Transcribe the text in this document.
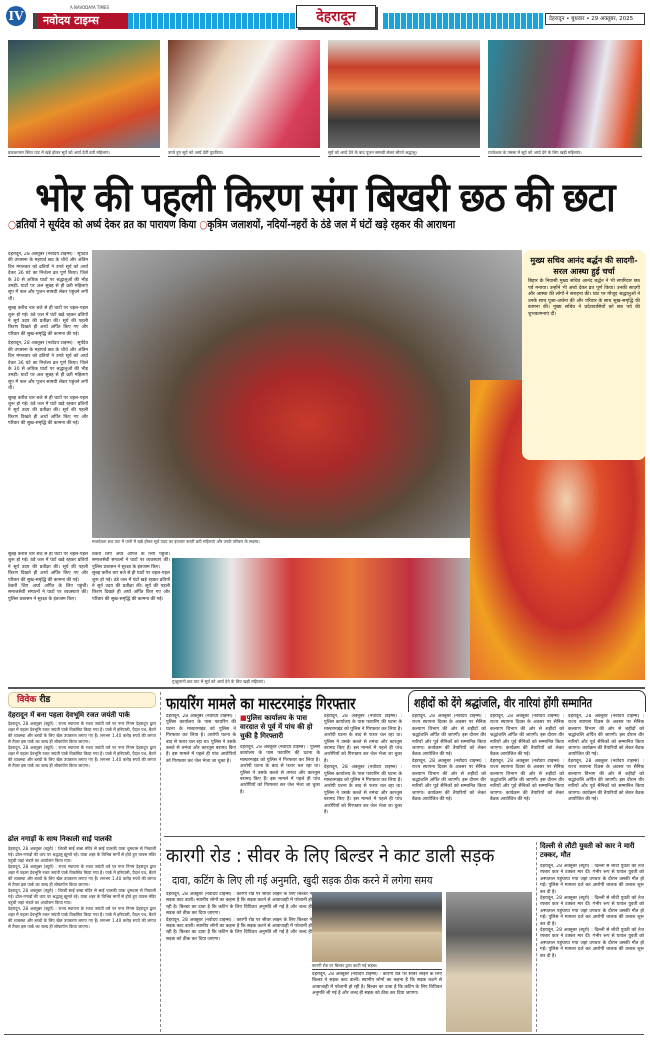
IV
A NAVODAYA TIMES
नवोदय टाइम्स	देहरादून	देहरादून • बुधवार • 29 अक्तूबर, 2025
प्रकाशनगर स्थित घाट में खड़े होकर सूर्य को अर्घ्य देतीं व्रती महिलाएं।	उगते हुए सूर्य को अर्घ्य देतीं युवतियां।	सूर्य को अर्घ्य देने के बाद पूजन सामग्री लेकर लौटते श्रद्धालु।	टपकेश्वर के तमसा में सूर्य को अर्घ्य देने के लिए खड़ी महिलाएं।
भोर की पहली किरण संग बिखरी छठ की छटा
○व्रतियों ने सूर्यदेव को अर्घ्य देकर व्रत का पारायण किया ○कृत्रिम जलाशयों, नदियों-नहरों के ठंडे जल में घंटों खड़े रहकर की आराधना

देहरादून, 28 अक्तूबर (नवोदय टाइम्स) : सूर्यदेव की उपासना के महापर्व छठ के चौथे और अंतिम दिन मंगलवार को व्रतियों ने उगते सूर्य को अर्घ्य देकर 36 घंटे का निर्जला व्रत पूर्ण किया। जिले के 30 से अधिक घाटों पर श्रद्धालुओं की भीड़ उमड़ी। घाटों पर अल सुबह से ही व्रती महिलाएं सूप में फल और पूजन सामग्री लेकर पहुंचने लगी थीं।

सुबह करीब चार बजे से ही घाटों पर चहल-पहल शुरू हो गई। ठंडे जल में घंटों खड़े रहकर व्रतियों ने सूर्य उदय की प्रतीक्षा की। सूर्य की पहली किरण दिखते ही अर्घ्य अर्पित किए गए और परिवार की सुख-समृद्धि की कामना की गई।

देहरादून, 28 अक्तूबर (नवोदय टाइम्स) : सूर्यदेव की उपासना के महापर्व छठ के चौथे और अंतिम दिन मंगलवार को व्रतियों ने उगते सूर्य को अर्घ्य देकर 36 घंटे का निर्जला व्रत पूर्ण किया। जिले के 30 से अधिक घाटों पर श्रद्धालुओं की भीड़ उमड़ी। घाटों पर अल सुबह से ही व्रती महिलाएं सूप में फल और पूजन सामग्री लेकर पहुंचने लगी थीं।

सुबह करीब चार बजे से ही घाटों पर चहल-पहल शुरू हो गई। ठंडे जल में घंटों खड़े रहकर व्रतियों ने सूर्य उदय की प्रतीक्षा की। सूर्य की पहली किरण दिखते ही अर्घ्य अर्पित किए गए और परिवार की सुख-समृद्धि की कामना की गई।

मुख्य सचिव आनंद बर्द्धन की सादगी-सरल आस्था हुई चर्चा

बिहार के निवासी मुख्य सचिव आनंद बर्द्धन ने भी सपरिवार छठ पर्व मनाया। उन्होंने भी अर्घ्य देकर व्रत पूर्ण किया। उनकी सादगी और आस्था की लोगों ने सराहना की। घाट पर मौजूद श्रद्धालुओं ने उनके साथ पूजा-अर्चना की और परिवार के साथ सुख-समृद्धि की कामना की। मुख्य सचिव ने प्रदेशवासियों को छठ पर्व की शुभकामनाएं दीं।

मालदेवता छठ घाट में पानी में खड़े होकर सूर्य उदय का इंतजार करती व्रती महिलाएं और उनके परिवार के सदस्य।

सुबह करीब चार बजे से ही घाटों पर चहल-पहल शुरू हो गई। ठंडे जल में घंटों खड़े रहकर व्रतियों ने सूर्य उदय की प्रतीक्षा की। सूर्य की पहली किरण दिखते ही अर्घ्य अर्पित किए गए और परिवार की सुख-समृद्धि की कामना की गई।

ठेकरी लिए अर्घ्य अर्पित के लिए पहुंचीं। समाजसेवी संगठनों ने घाटों पर व्यवस्थाएं कीं। पुलिस प्रशासन ने सुरक्षा के इंतजाम किए।

ठेकरी लिए अर्घ्य अर्पित के लिए पहुंचीं। समाजसेवी संगठनों ने घाटों पर व्यवस्थाएं कीं। पुलिस प्रशासन ने सुरक्षा के इंतजाम किए।

सुबह करीब चार बजे से ही घाटों पर चहल-पहल शुरू हो गई। ठंडे जल में घंटों खड़े रहकर व्रतियों ने सूर्य उदय की प्रतीक्षा की। सूर्य की पहली किरण दिखते ही अर्घ्य अर्पित किए गए और परिवार की सुख-समृद्धि की कामना की गई।

गुच्छूपानी छठ घाट में सूर्य को अर्घ्य देने के लिए खड़ी महिलाएं।
विवेक रीड
देहरादून में बना पहला देवभूमि रजत जयंती पार्क

देहरादून, 28 अक्तूबर (ब्यूरो) : राज्य स्थापना के रजत जयंती वर्ष पर नगर निगम देहरादून द्वारा शहर में पहला देवभूमि रजत जयंती पार्क विकसित किया गया है। पार्क में हरियाली, पैदल पथ, बैठने की व्यवस्था और बच्चों के लिए खेल उपकरण लगाए गए हैं। लगभग 1.40 करोड़ रुपये की लागत से तैयार इस पार्क का जल्द ही लोकार्पण किया जाएगा।

देहरादून, 28 अक्तूबर (ब्यूरो) : राज्य स्थापना के रजत जयंती वर्ष पर नगर निगम देहरादून द्वारा शहर में पहला देवभूमि रजत जयंती पार्क विकसित किया गया है। पार्क में हरियाली, पैदल पथ, बैठने की व्यवस्था और बच्चों के लिए खेल उपकरण लगाए गए हैं। लगभग 1.40 करोड़ रुपये की लागत से तैयार इस पार्क का जल्द ही लोकार्पण किया जाएगा।

ढोल नगाड़ों के साथ निकाली साईं पालकी

देहरादून, 28 अक्तूबर (ब्यूरो) : शिरडी साईं बाबा मंदिर से साईं पालकी यात्रा धूमधाम से निकाली गई। ढोल-नगाड़ों की थाप पर श्रद्धालु झूमते रहे। यात्रा शहर के विभिन्न मार्गों से होते हुए वापस मंदिर पहुंची जहां भंडारे का आयोजन किया गया।

देहरादून, 28 अक्तूबर (ब्यूरो) : राज्य स्थापना के रजत जयंती वर्ष पर नगर निगम देहरादून द्वारा शहर में पहला देवभूमि रजत जयंती पार्क विकसित किया गया है। पार्क में हरियाली, पैदल पथ, बैठने की व्यवस्था और बच्चों के लिए खेल उपकरण लगाए गए हैं। लगभग 1.40 करोड़ रुपये की लागत से तैयार इस पार्क का जल्द ही लोकार्पण किया जाएगा।

देहरादून, 28 अक्तूबर (ब्यूरो) : शिरडी साईं बाबा मंदिर से साईं पालकी यात्रा धूमधाम से निकाली गई। ढोल-नगाड़ों की थाप पर श्रद्धालु झूमते रहे। यात्रा शहर के विभिन्न मार्गों से होते हुए वापस मंदिर पहुंची जहां भंडारे का आयोजन किया गया।

देहरादून, 28 अक्तूबर (ब्यूरो) : राज्य स्थापना के रजत जयंती वर्ष पर नगर निगम देहरादून द्वारा शहर में पहला देवभूमि रजत जयंती पार्क विकसित किया गया है। पार्क में हरियाली, पैदल पथ, बैठने की व्यवस्था और बच्चों के लिए खेल उपकरण लगाए गए हैं। लगभग 1.40 करोड़ रुपये की लागत से तैयार इस पार्क का जल्द ही लोकार्पण किया जाएगा।

फायरिंग मामले का मास्टरमाइंड गिरफ्तार

देहरादून, 28 अक्तूबर (नवोदय टाइम्स) : पुलिस कार्यालय के पास फायरिंग की घटना के मास्टरमाइंड को पुलिस ने गिरफ्तार कर लिया है। आरोपी घटना के बाद से फरार चल रहा था। पुलिस ने उसके कब्जे से तमंचा और कारतूस बरामद किए हैं। इस मामले में पहले ही पांच आरोपियों को गिरफ्तार कर जेल भेजा जा चुका है।

■पुलिस कार्यालय के पास वारदात से पूर्व में पांच की हो चुकी है गिरफ्तारी

देहरादून, 28 अक्तूबर (नवोदय टाइम्स) : पुलिस कार्यालय के पास फायरिंग की घटना के मास्टरमाइंड को पुलिस ने गिरफ्तार कर लिया है। आरोपी घटना के बाद से फरार चल रहा था। पुलिस ने उसके कब्जे से तमंचा और कारतूस बरामद किए हैं। इस मामले में पहले ही पांच आरोपियों को गिरफ्तार कर जेल भेजा जा चुका है।

देहरादून, 28 अक्तूबर (नवोदय टाइम्स) : पुलिस कार्यालय के पास फायरिंग की घटना के मास्टरमाइंड को पुलिस ने गिरफ्तार कर लिया है। आरोपी घटना के बाद से फरार चल रहा था। पुलिस ने उसके कब्जे से तमंचा और कारतूस बरामद किए हैं। इस मामले में पहले ही पांच आरोपियों को गिरफ्तार कर जेल भेजा जा चुका है।

देहरादून, 28 अक्तूबर (नवोदय टाइम्स) : पुलिस कार्यालय के पास फायरिंग की घटना के मास्टरमाइंड को पुलिस ने गिरफ्तार कर लिया है। आरोपी घटना के बाद से फरार चल रहा था। पुलिस ने उसके कब्जे से तमंचा और कारतूस बरामद किए हैं। इस मामले में पहले ही पांच आरोपियों को गिरफ्तार कर जेल भेजा जा चुका है।

शहीदों को देंगे श्रद्धांजलि, वीर नारियां होंगी सम्मानित

देहरादून, 28 अक्तूबर (नवोदय टाइम्स) : राज्य स्थापना दिवस के अवसर पर सैनिक कल्याण विभाग की ओर से शहीदों को श्रद्धांजलि अर्पित की जाएगी। इस दौरान वीर नारियों और पूर्व सैनिकों को सम्मानित किया जाएगा। कार्यक्रम की तैयारियों को लेकर बैठक आयोजित की गई।

देहरादून, 28 अक्तूबर (नवोदय टाइम्स) : राज्य स्थापना दिवस के अवसर पर सैनिक कल्याण विभाग की ओर से शहीदों को श्रद्धांजलि अर्पित की जाएगी। इस दौरान वीर नारियों और पूर्व सैनिकों को सम्मानित किया जाएगा। कार्यक्रम की तैयारियों को लेकर बैठक आयोजित की गई।

देहरादून, 28 अक्तूबर (नवोदय टाइम्स) : राज्य स्थापना दिवस के अवसर पर सैनिक कल्याण विभाग की ओर से शहीदों को श्रद्धांजलि अर्पित की जाएगी। इस दौरान वीर नारियों और पूर्व सैनिकों को सम्मानित किया जाएगा। कार्यक्रम की तैयारियों को लेकर बैठक आयोजित की गई।

देहरादून, 28 अक्तूबर (नवोदय टाइम्स) : राज्य स्थापना दिवस के अवसर पर सैनिक कल्याण विभाग की ओर से शहीदों को श्रद्धांजलि अर्पित की जाएगी। इस दौरान वीर नारियों और पूर्व सैनिकों को सम्मानित किया जाएगा। कार्यक्रम की तैयारियों को लेकर बैठक आयोजित की गई।

देहरादून, 28 अक्तूबर (नवोदय टाइम्स) : राज्य स्थापना दिवस के अवसर पर सैनिक कल्याण विभाग की ओर से शहीदों को श्रद्धांजलि अर्पित की जाएगी। इस दौरान वीर नारियों और पूर्व सैनिकों को सम्मानित किया जाएगा। कार्यक्रम की तैयारियों को लेकर बैठक आयोजित की गई।

देहरादून, 28 अक्तूबर (नवोदय टाइम्स) : राज्य स्थापना दिवस के अवसर पर सैनिक कल्याण विभाग की ओर से शहीदों को श्रद्धांजलि अर्पित की जाएगी। इस दौरान वीर नारियों और पूर्व सैनिकों को सम्मानित किया जाएगा। कार्यक्रम की तैयारियों को लेकर बैठक आयोजित की गई।

कारगी रोड : सीवर के लिए बिल्डर ने काट डाली सड़क
दावा, कटिंग के लिए ली गई अनुमति, खुदी सड़क ठीक करने में लगेगा समय

देहरादून, 28 अक्तूबर (नवोदय टाइम्स) : कारगी रोड पर सीवर लाइन के लिए बिल्डर ने सड़क काट डाली। स्थानीय लोगों का कहना है कि सड़क कटने से आवाजाही में परेशानी हो रही है। बिल्डर का दावा है कि कटिंग के लिए विधिवत अनुमति ली गई है और जल्द ही सड़क को ठीक कर दिया जाएगा।

देहरादून, 28 अक्तूबर (नवोदय टाइम्स) : कारगी रोड पर सीवर लाइन के लिए बिल्डर ने सड़क काट डाली। स्थानीय लोगों का कहना है कि सड़क कटने से आवाजाही में परेशानी हो रही है। बिल्डर का दावा है कि कटिंग के लिए विधिवत अनुमति ली गई है और जल्द ही सड़क को ठीक कर दिया जाएगा।

कारगी रोड पर बिल्डर द्वारा काटी गई सड़क।

देहरादून, 28 अक्तूबर (नवोदय टाइम्स) : कारगी रोड पर सीवर लाइन के लिए बिल्डर ने सड़क काट डाली। स्थानीय लोगों का कहना है कि सड़क कटने से आवाजाही में परेशानी हो रही है। बिल्डर का दावा है कि कटिंग के लिए विधिवत अनुमति ली गई है और जल्द ही सड़क को ठीक कर दिया जाएगा।

दिल्ली से लौटी युवती को कार ने मारी टक्कर, मौत

देहरादून, 28 अक्तूबर (ब्यूरो) : दिल्ली से लौटी युवती को तेज रफ्तार कार ने टक्कर मार दी। गंभीर रूप से घायल युवती को अस्पताल पहुंचाया गया जहां उपचार के दौरान उसकी मौत हो गई। पुलिस ने मामला दर्ज कर आरोपी चालक की तलाश शुरू कर दी है।

देहरादून, 28 अक्तूबर (ब्यूरो) : दिल्ली से लौटी युवती को तेज रफ्तार कार ने टक्कर मार दी। गंभीर रूप से घायल युवती को अस्पताल पहुंचाया गया जहां उपचार के दौरान उसकी मौत हो गई। पुलिस ने मामला दर्ज कर आरोपी चालक की तलाश शुरू कर दी है।

देहरादून, 28 अक्तूबर (ब्यूरो) : दिल्ली से लौटी युवती को तेज रफ्तार कार ने टक्कर मार दी। गंभीर रूप से घायल युवती को अस्पताल पहुंचाया गया जहां उपचार के दौरान उसकी मौत हो गई। पुलिस ने मामला दर्ज कर आरोपी चालक की तलाश शुरू कर दी है।
